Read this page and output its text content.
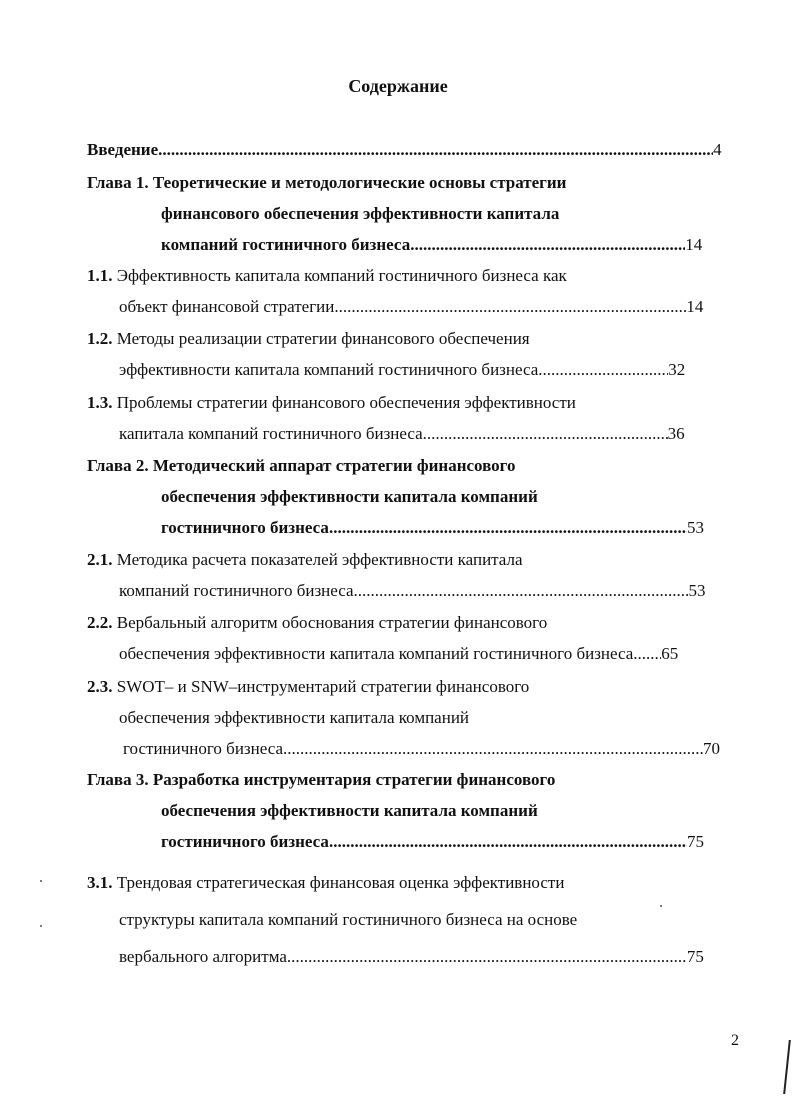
Содержание
Введение .....	4
Глава 1. Теоретические и методологические основы стратегии
финансового обеспечения эффективности капитала
компаний гостиничного бизнеса .....	14
1.1. Эффективность капитала компаний гостиничного бизнеса как
объект финансовой стратегии .....	14
1.2. Методы реализации стратегии финансового обеспечения
эффективности капитала компаний гостиничного бизнеса .....	32
1.3. Проблемы стратегии финансового обеспечения эффективности
капитала компаний гостиничного бизнеса .....	36
Глава 2. Методический аппарат стратегии финансового
обеспечения эффективности капитала компаний
гостиничного бизнеса .....	53
2.1. Методика расчета показателей эффективности капитала
компаний гостиничного бизнеса .....	53
2.2. Вербальный алгоритм обоснования стратегии финансового
обеспечения эффективности капитала компаний гостиничного бизнеса ..... 65
2.3. SWOT– и SNW–инструментарий стратегии финансового
обеспечения эффективности капитала компаний
гостиничного бизнеса .....	70
Глава 3. Разработка инструментария стратегии финансового
обеспечения эффективности капитала компаний
гостиничного бизнеса .....	75
3.1. Трендовая стратегическая финансовая оценка эффективности
структуры капитала компаний гостиничного бизнеса на основе
вербального алгоритма .....	75
2
